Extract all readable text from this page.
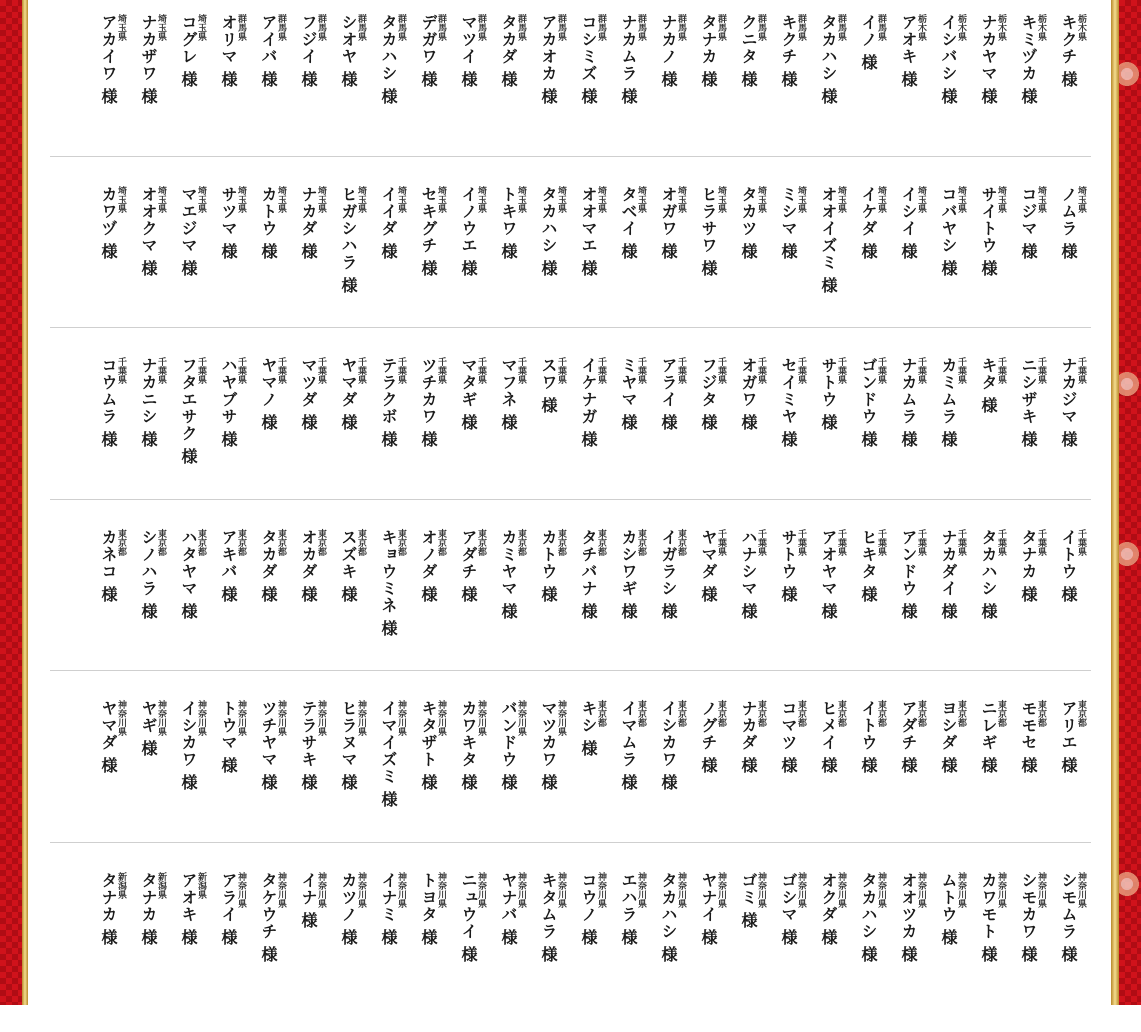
栃木県
キクチ様
栃木県
キミヅカ様
栃木県
ナカヤマ様
栃木県
イシバシ様
栃木県
アオキ様
群馬県
イノ様
群馬県
タカハシ様
群馬県
キクチ様
群馬県
クニタ様
群馬県
タナカ様
群馬県
ナカノ様
群馬県
ナカムラ様
群馬県
コシミズ様
群馬県
アカオカ様
群馬県
タカダ様
群馬県
マツイ様
群馬県
デガワ様
群馬県
タカハシ様
群馬県
シオヤ様
群馬県
フジイ様
群馬県
アイバ様
群馬県
オリマ様
埼玉県
コグレ様
埼玉県
ナカザワ様
埼玉県
アカイワ様
埼玉県
ノムラ様
埼玉県
コジマ様
埼玉県
サイトウ様
埼玉県
コバヤシ様
埼玉県
イシイ様
埼玉県
イケダ様
埼玉県
オオイズミ様
埼玉県
ミシマ様
埼玉県
タカツ様
埼玉県
ヒラサワ様
埼玉県
オガワ様
埼玉県
タベイ様
埼玉県
オオマエ様
埼玉県
タカハシ様
埼玉県
トキワ様
埼玉県
イノウエ様
埼玉県
セキグチ様
埼玉県
イイダ様
埼玉県
ヒガシハラ様
埼玉県
ナカダ様
埼玉県
カトウ様
埼玉県
サツマ様
埼玉県
マエジマ様
埼玉県
オオクマ様
埼玉県
カワヅ様
千葉県
ナカジマ様
千葉県
ニシザキ様
千葉県
キタ様
千葉県
カミムラ様
千葉県
ナカムラ様
千葉県
ゴンドウ様
千葉県
サトウ様
千葉県
セイミヤ様
千葉県
オガワ様
千葉県
フジタ様
千葉県
アライ様
千葉県
ミヤマ様
千葉県
イケナガ様
千葉県
スワ様
千葉県
マフネ様
千葉県
マタギ様
千葉県
ツチカワ様
千葉県
テラクボ様
千葉県
ヤマダ様
千葉県
マツダ様
千葉県
ヤマノ様
千葉県
ハヤブサ様
千葉県
フタエサク様
千葉県
ナカニシ様
千葉県
コウムラ様
千葉県
イトウ様
千葉県
タナカ様
千葉県
タカハシ様
千葉県
ナカダイ様
千葉県
アンドウ様
千葉県
ヒキタ様
千葉県
アオヤマ様
千葉県
サトウ様
千葉県
ハナシマ様
千葉県
ヤマダ様
東京都
イガラシ様
東京都
カシワギ様
東京都
タチバナ様
東京都
カトウ様
東京都
カミヤマ様
東京都
アダチ様
東京都
オノダ様
東京都
キョウミネ様
東京都
スズキ様
東京都
オカダ様
東京都
タカダ様
東京都
アキバ様
東京都
ハタヤマ様
東京都
シノハラ様
東京都
カネコ様
東京都
アリエ様
東京都
モモセ様
東京都
ニレギ様
東京都
ヨシダ様
東京都
アダチ様
東京都
イトウ様
東京都
ヒメイ様
東京都
コマツ様
東京都
ナカダ様
東京都
ノグチ様
東京都
イシカワ様
東京都
イマムラ様
東京都
キシ様
神奈川県
マツカワ様
神奈川県
バンドウ様
神奈川県
カワキタ様
神奈川県
キタザト様
神奈川県
イマイズミ様
神奈川県
ヒラヌマ様
神奈川県
テラサキ様
神奈川県
ツチヤマ様
神奈川県
トウマ様
神奈川県
イシカワ様
神奈川県
ヤギ様
神奈川県
ヤマダ様
神奈川県
シモムラ様
神奈川県
シモカワ様
神奈川県
カワモト様
神奈川県
ムトウ様
神奈川県
オオツカ様
神奈川県
タカハシ様
神奈川県
オクダ様
神奈川県
ゴシマ様
神奈川県
ゴミ様
神奈川県
ヤナイ様
神奈川県
タカハシ様
神奈川県
エハラ様
神奈川県
コウノ様
神奈川県
キタムラ様
神奈川県
ヤナバ様
神奈川県
ニュウイ様
神奈川県
トヨタ様
神奈川県
イナミ様
神奈川県
カツノ様
神奈川県
イナ様
神奈川県
タケウチ様
神奈川県
アライ様
新潟県
アオキ様
新潟県
タナカ様
新潟県
タナカ様
